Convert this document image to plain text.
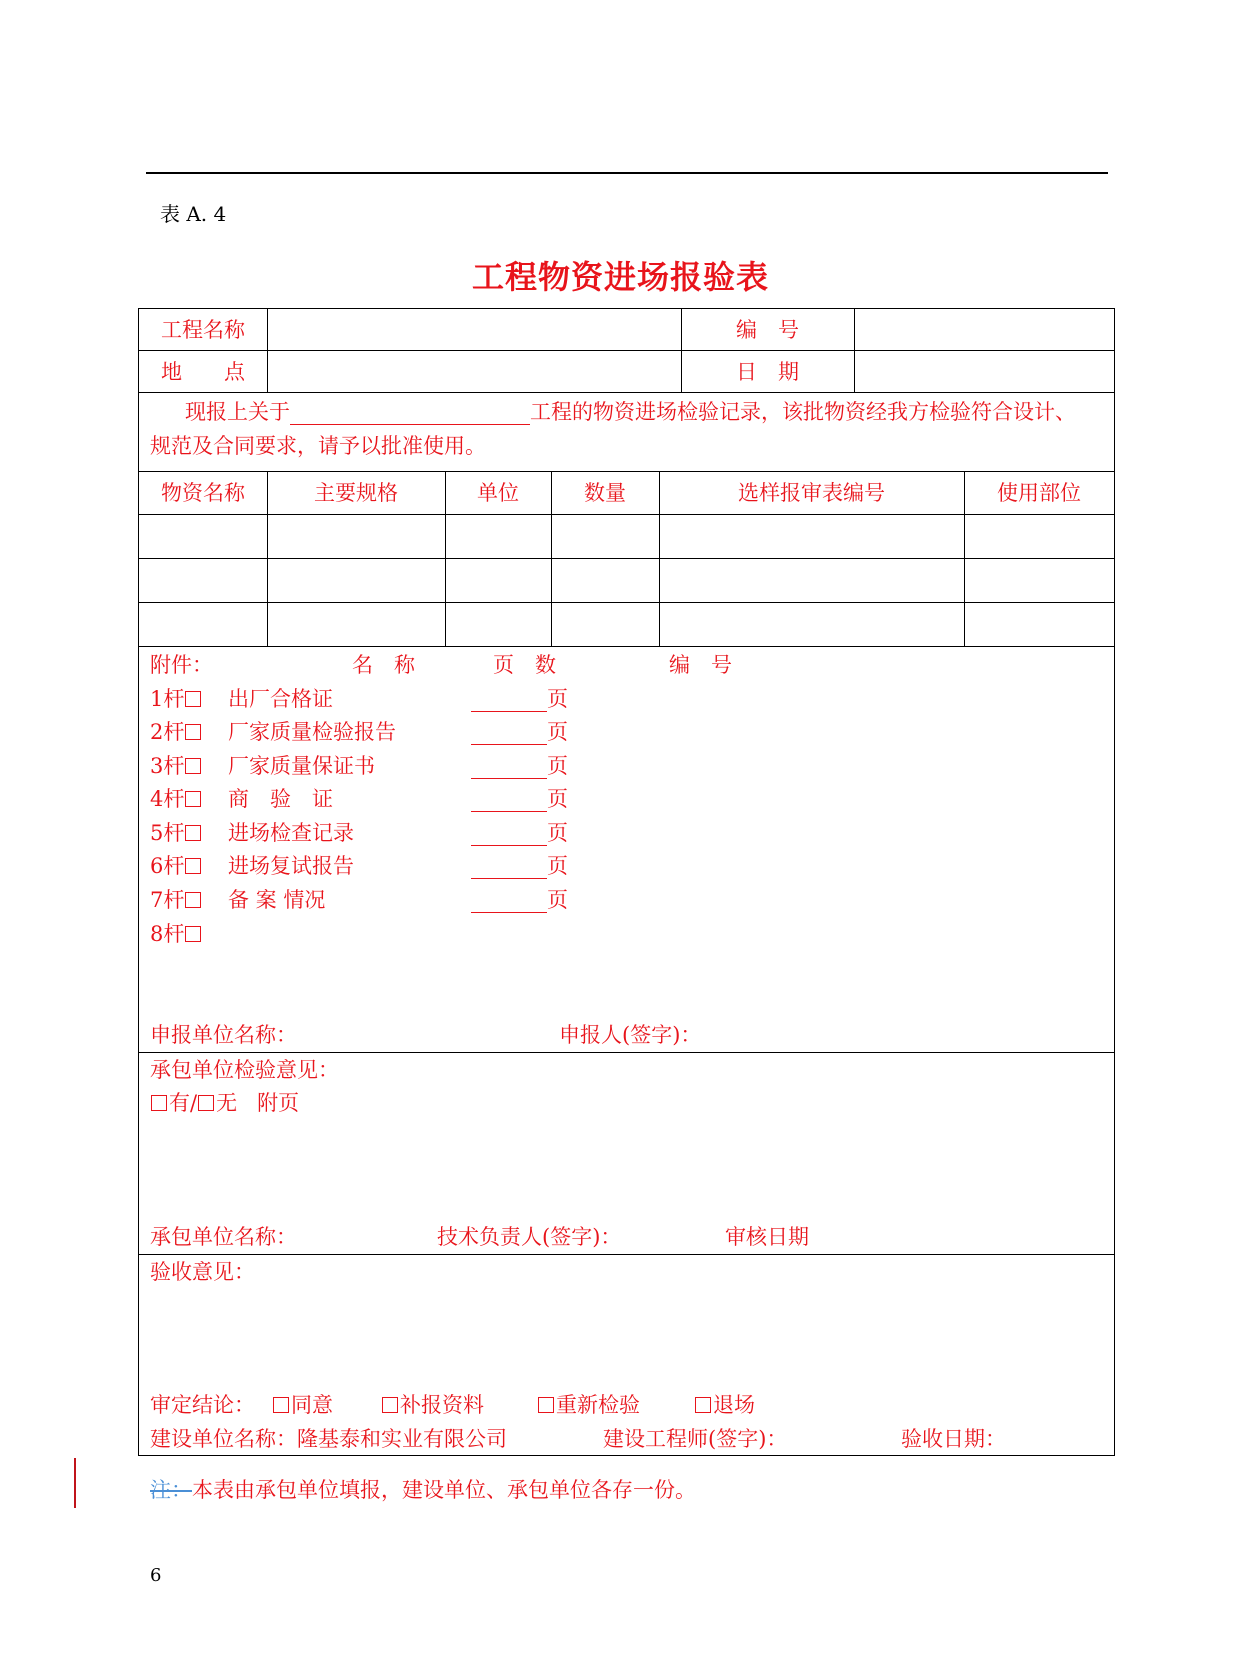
表 A. 4
工程物资进场报验表
工程名称	编　号
地　　点	日　期
现报上关于	工程的物资进场检验记录，该批物资经我方检验符合设计、
规范及合同要求，请予以批准使用。
物资名称	主要规格	单位	数量	选样报审表编号	使用部位
附件：	名　称	页　数	编　号
1杆	出厂合格证	页
2杆	厂家质量检验报告	页
3杆	厂家质量保证书	页
4杆	商　验　证	页
5杆	进场检查记录	页
6杆	进场复试报告	页
7杆	备 案 情况	页
8杆
申报单位名称：	申报人(签字)：
承包单位检验意见：
有/ 无 附页
承包单位名称：	技术负责人(签字)：	审核日期
验收意见：
审定结论：	同意	补报资料	重新检验	退场
建设单位名称：隆基泰和实业有限公司	建设工程师(签字)：	验收日期：
注：本表由承包单位填报，建设单位、承包单位各存一份。
6
